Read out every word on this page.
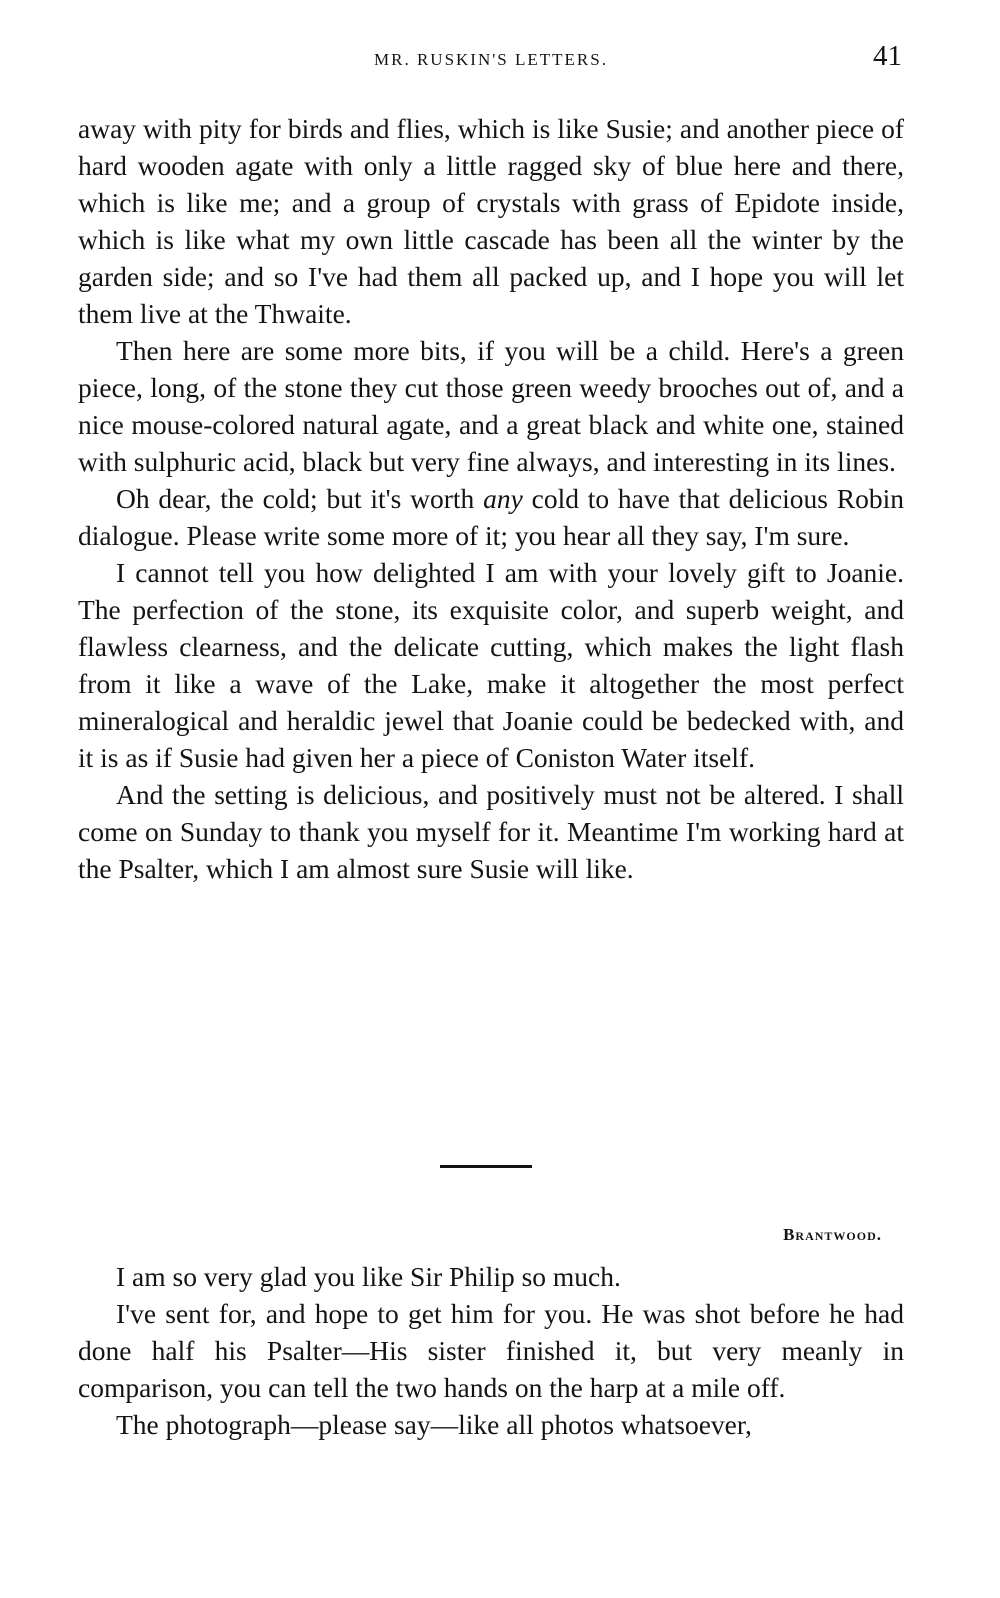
MR. RUSKIN'S LETTERS.	41

away with pity for birds and flies, which is like Susie; and another piece of hard wooden agate with only a little ragged sky of blue here and there, which is like me; and a group of crystals with grass of Epidote inside, which is like what my own little cascade has been all the winter by the garden side; and so I've had them all packed up, and I hope you will let them live at the Thwaite.

Then here are some more bits, if you will be a child. Here's a green piece, long, of the stone they cut those green weedy brooches out of, and a nice mouse-colored natural agate, and a great black and white one, stained with sulphuric acid, black but very fine always, and interesting in its lines.

Oh dear, the cold; but it's worth any cold to have that delicious Robin dialogue. Please write some more of it; you hear all they say, I'm sure.

I cannot tell you how delighted I am with your lovely gift to Joanie. The perfection of the stone, its exquisite color, and superb weight, and flawless clearness, and the delicate cutting, which makes the light flash from it like a wave of the Lake, make it altogether the most perfect mineralogical and heraldic jewel that Joanie could be bedecked with, and it is as if Susie had given her a piece of Coniston Water itself.

And the setting is delicious, and positively must not be altered. I shall come on Sunday to thank you myself for it. Meantime I'm working hard at the Psalter, which I am almost sure Susie will like.

Brantwood.

I am so very glad you like Sir Philip so much.

I've sent for, and hope to get him for you. He was shot before he had done half his Psalter—His sister finished it, but very meanly in comparison, you can tell the two hands on the harp at a mile off.

The photograph—please say—like all photos whatsoever,
